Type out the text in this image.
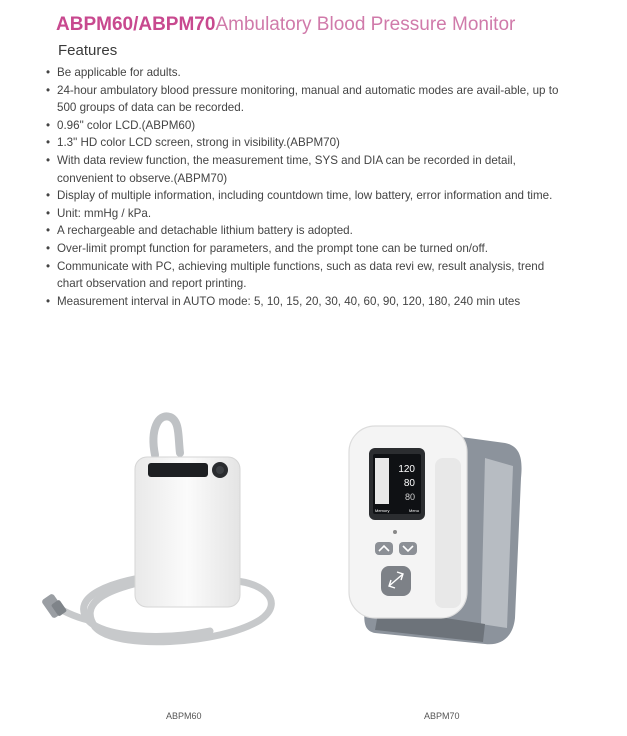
ABPM60/ABPM70Ambulatory Blood Pressure Monitor
Features
• Be applicable for adults.
• 24-hour ambulatory blood pressure monitoring, manual and automatic modes are avail-able, up to 500 groups of data can be recorded.
• 0.96" color LCD.(ABPM60)
• 1.3" HD color LCD screen, strong in visibility.(ABPM70)
• With data review function, the measurement time, SYS and DIA can be recorded in detail, convenient to observe.(ABPM70)
• Display of multiple information, including countdown time, low battery, error information and time.
• Unit: mmHg / kPa.
• A rechargeable and detachable lithium battery is adopted.
• Over-limit prompt function for parameters, and the prompt tone can be turned on/off.
• Communicate with PC, achieving multiple functions, such as data revi ew, result analysis, trend chart observation and report printing.
• Measurement interval in AUTO mode: 5, 10, 15, 20, 30, 40, 60, 90, 120, 180, 240 min utes
120
80
80
Memory	Menu
ABPM60	ABPM70
